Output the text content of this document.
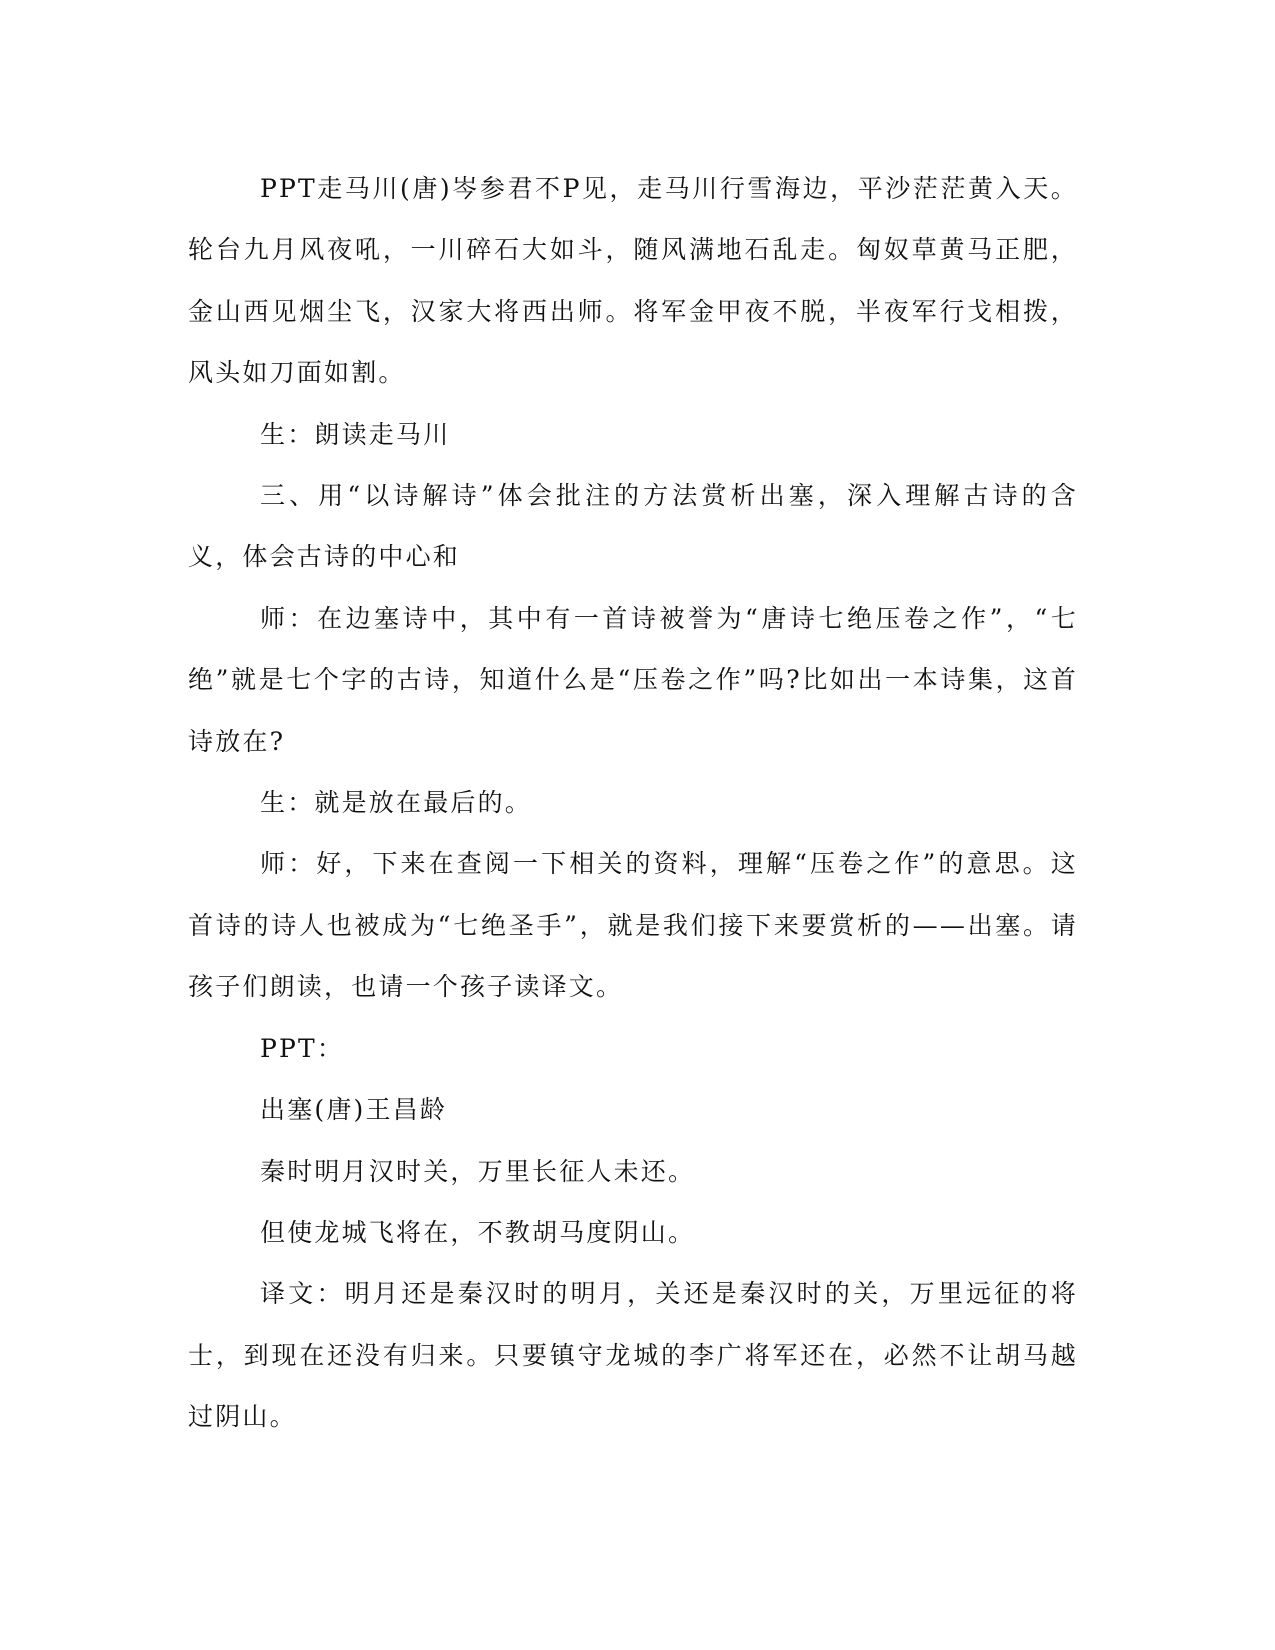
PPT走马川(唐)岑参君不P见，走马川行雪海边，平沙茫茫黄入天。轮台九月风夜吼，一川碎石大如斗，随风满地石乱走。匈奴草黄马正肥，金山西见烟尘飞，汉家大将西出师。将军金甲夜不脱，半夜军行戈相拨，风头如刀面如割。

生：朗读走马川

三、用“以诗解诗”体会批注的方法赏析出塞，深入理解古诗的含义，体会古诗的中心和

师：在边塞诗中，其中有一首诗被誉为“唐诗七绝压卷之作”，“七绝”就是七个字的古诗，知道什么是“压卷之作”吗?比如出一本诗集，这首诗放在?

生：就是放在最后的。

师：好，下来在查阅一下相关的资料，理解“压卷之作”的意思。这首诗的诗人也被成为“七绝圣手”，就是我们接下来要赏析的——出塞。请孩子们朗读，也请一个孩子读译文。

PPT：

出塞(唐)王昌龄

秦时明月汉时关，万里长征人未还。

但使龙城飞将在，不教胡马度阴山。

译文：明月还是秦汉时的明月，关还是秦汉时的关，万里远征的将士，到现在还没有归来。只要镇守龙城的李广将军还在，必然不让胡马越过阴山。
